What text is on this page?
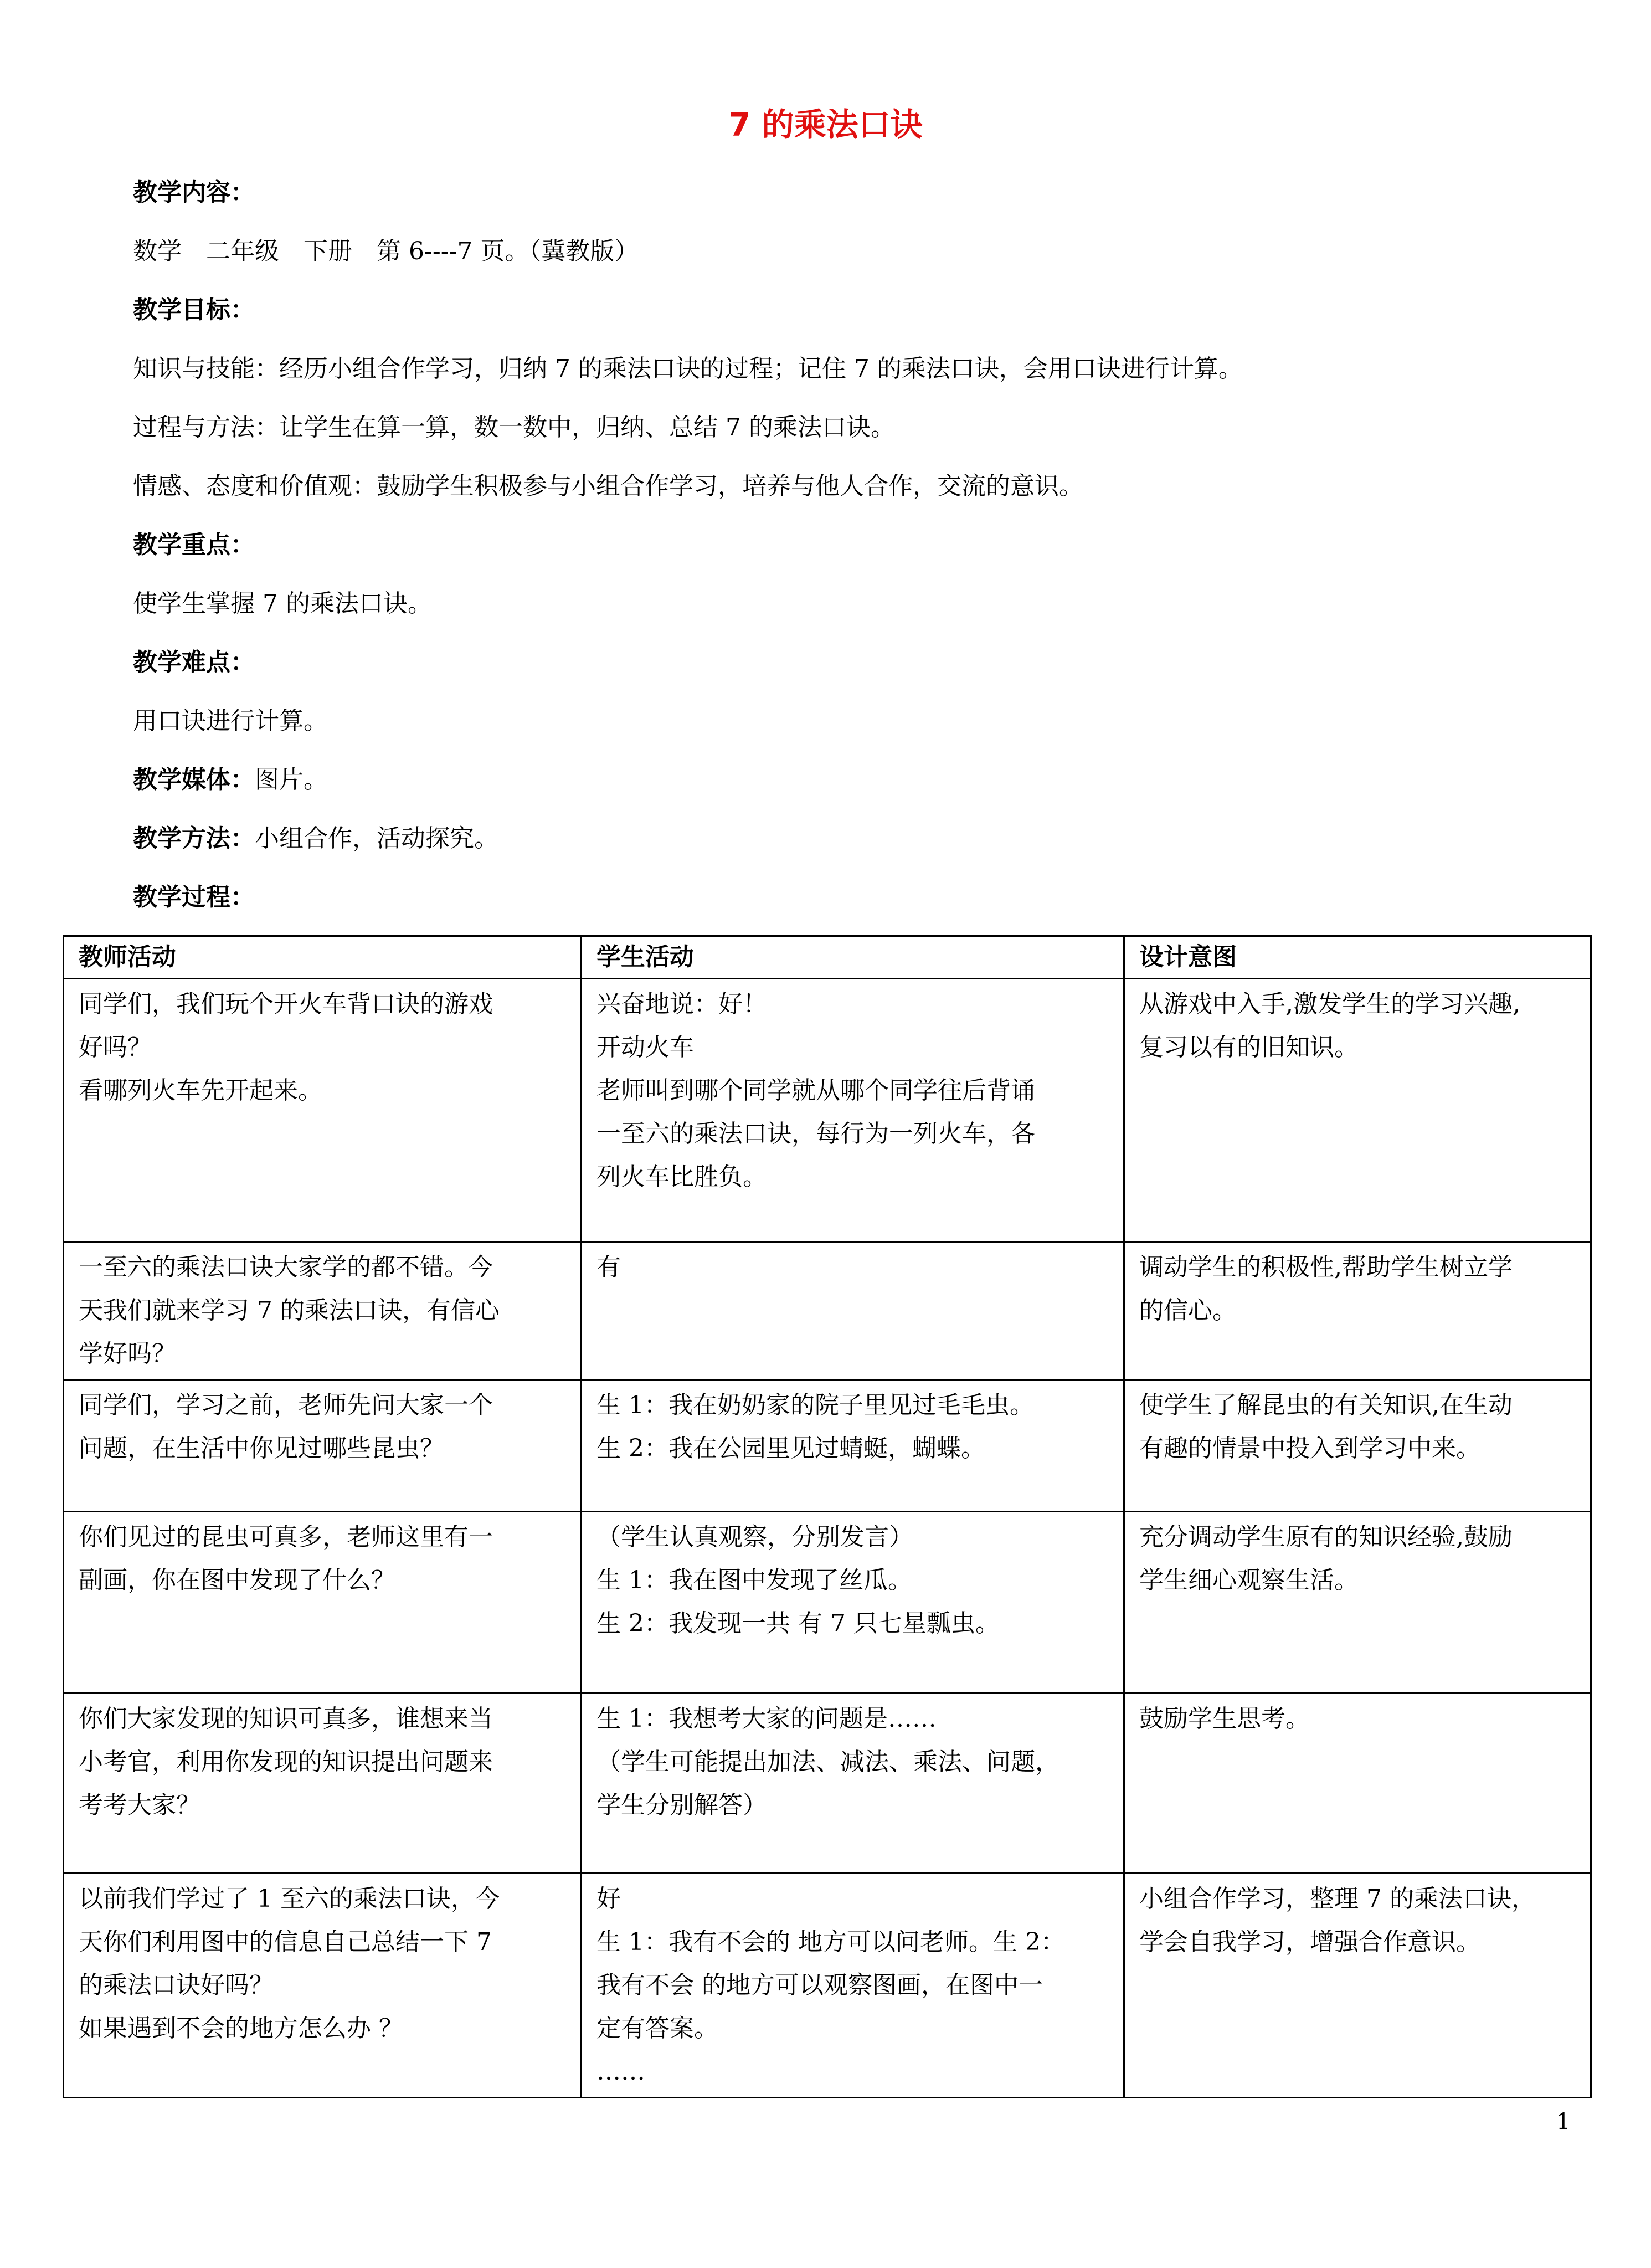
7 的乘法口诀
教学内容：
数学　二年级　下册　第 6----7 页。（冀教版）
教学目标：
知识与技能：经历小组合作学习，归纳 7 的乘法口诀的过程；记住 7 的乘法口诀，会用口诀进行计算。
过程与方法：让学生在算一算，数一数中，归纳、总结 7 的乘法口诀。
情感、态度和价值观：鼓励学生积极参与小组合作学习，培养与他人合作，交流的意识。
教学重点：
使学生掌握 7 的乘法口诀。
教学难点：
用口诀进行计算。
教学媒体：图片。
教学方法：小组合作，活动探究。
教学过程：
教师活动	学生活动	设计意图

同学们，我们玩个开火车背口诀的游戏
好吗？
看哪列火车先开起来。	兴奋地说：好！
开动火车
老师叫到哪个同学就从哪个同学往后背诵
一至六的乘法口诀，每行为一列火车，各
列火车比胜负。	从游戏中入手,激发学生的学习兴趣,
复习以有的旧知识。

一至六的乘法口诀大家学的都不错。今
天我们就来学习 7 的乘法口诀，有信心
学好吗？	有	调动学生的积极性,帮助学生树立学
的信心。

同学们，学习之前，老师先问大家一个
问题，在生活中你见过哪些昆虫？	生 1：我在奶奶家的院子里见过毛毛虫。
生 2：我在公园里见过蜻蜓，蝴蝶。	使学生了解昆虫的有关知识,在生动
有趣的情景中投入到学习中来。

你们见过的昆虫可真多，老师这里有一
副画，你在图中发现了什么？	（学生认真观察，分别发言）
生 1：我在图中发现了丝瓜。
生 2：我发现一共 有 7 只七星瓢虫。	充分调动学生原有的知识经验,鼓励
学生细心观察生活。

你们大家发现的知识可真多，谁想来当
小考官，利用你发现的知识提出问题来
考考大家？	生 1：我想考大家的问题是……
（学生可能提出加法、减法、乘法、问题，
学生分别解答）	鼓励学生思考。

以前我们学过了 1 至六的乘法口诀，今
天你们利用图中的信息自己总结一下 7
的乘法口诀好吗？
如果遇到不会的地方怎么办 ？	好
生 1：我有不会的 地方可以问老师。生 2：
我有不会 的地方可以观察图画，在图中一
定有答案。
……	小组合作学习，整理 7 的乘法口诀，
学会自我学习，增强合作意识。
1
